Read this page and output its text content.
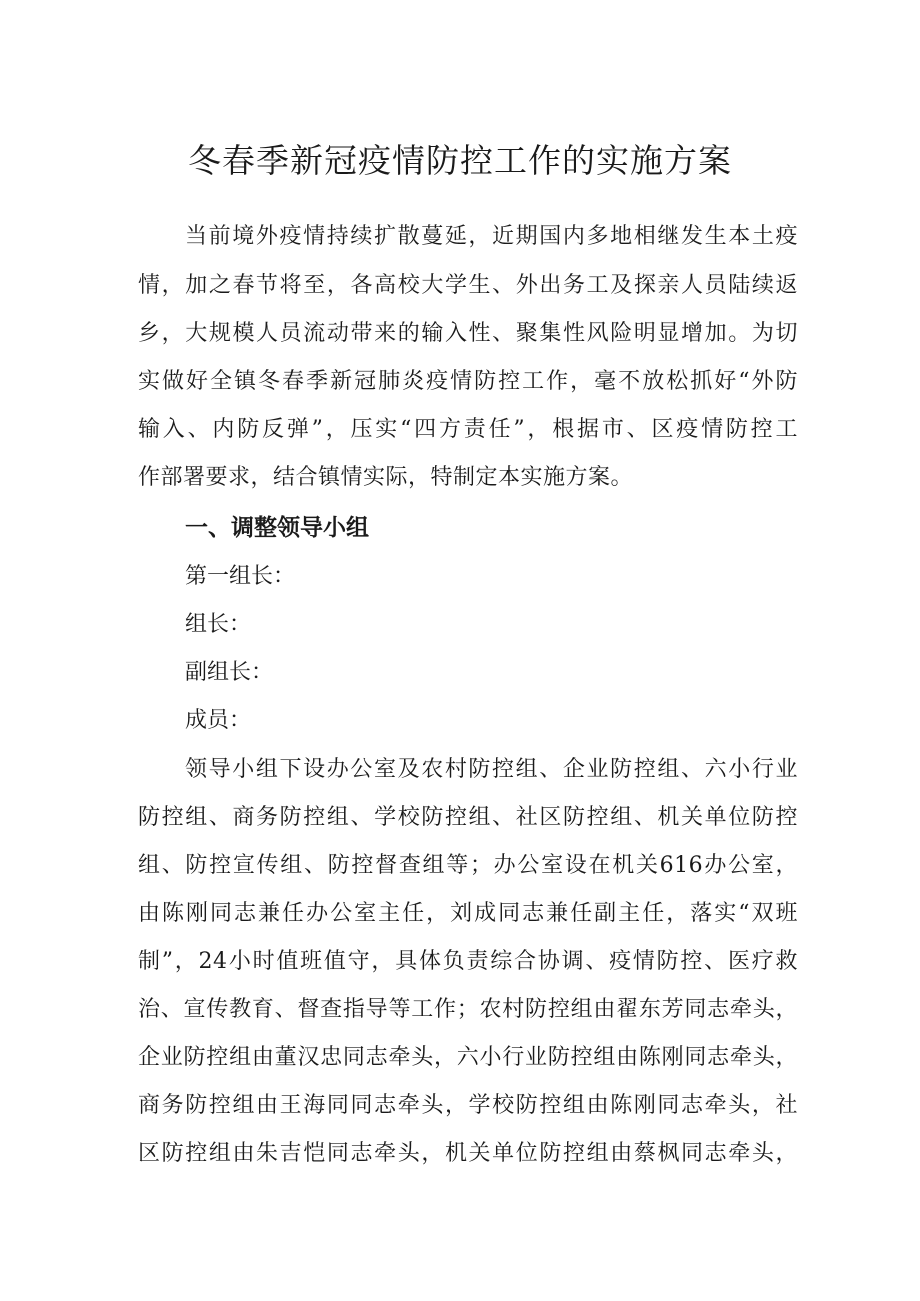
冬春季新冠疫情防控工作的实施方案
当前境外疫情持续扩散蔓延，近期国内多地相继发生本土疫
情，加之春节将至，各高校大学生、外出务工及探亲人员陆续返
乡，大规模人员流动带来的输入性、聚集性风险明显增加。为切
实做好全镇冬春季新冠肺炎疫情防控工作，毫不放松抓好“外防
输入、内防反弹”，压实“四方责任”，根据市、区疫情防控工
作部署要求，结合镇情实际，特制定本实施方案。
一、调整领导小组
第一组长：
组长：
副组长：
成员：
领导小组下设办公室及农村防控组、企业防控组、六小行业
防控组、商务防控组、学校防控组、社区防控组、机关单位防控
组、防控宣传组、防控督查组等；办公室设在机关616办公室，
由陈刚同志兼任办公室主任，刘成同志兼任副主任，落实“双班
制”，24小时值班值守，具体负责综合协调、疫情防控、医疗救
治、宣传教育、督查指导等工作；农村防控组由翟东芳同志牵头，
企业防控组由董汉忠同志牵头，六小行业防控组由陈刚同志牵头，
商务防控组由王海同同志牵头，学校防控组由陈刚同志牵头，社
区防控组由朱吉恺同志牵头，机关单位防控组由蔡枫同志牵头，
